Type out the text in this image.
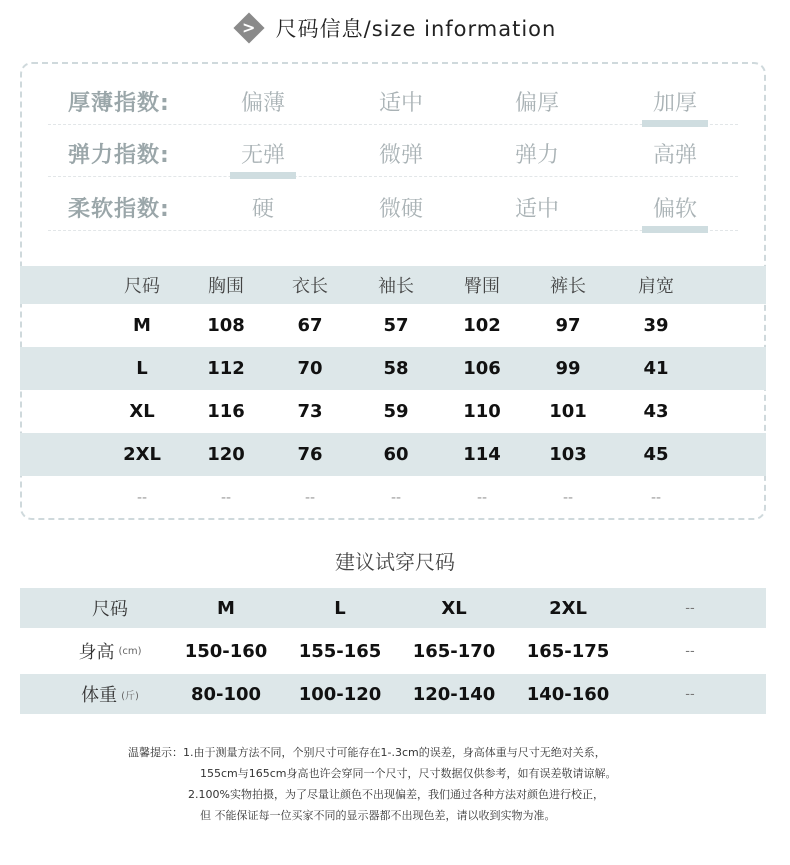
> 尺码信息/size information
厚薄指数:	偏薄	适中	偏厚	加厚
弹力指数:	无弹	微弹	弹力	高弹
柔软指数:	硬	微硬	适中	偏软
尺码	胸围	衣长	袖长	臀围	裤长	肩宽
M	108	67	57	102	97	39
L	112	70	58	106	99	41
XL	116	73	59	110	101	43
2XL	120	76	60	114	103	45
--	--	--	--	--	--	--
建议试穿尺码
尺码	M	L	XL	2XL	--
身高 (cm)	150-160	155-165	165-170	165-175	--
体重 (斤)	80-100	100-120	120-140	140-160	--
温馨提示：1.由于测量方法不同，个别尺寸可能存在1-.3cm的误差，身高体重与尺寸无绝对关系，
155cm与165cm身高也许会穿同一个尺寸，尺寸数据仅供参考，如有误差敬请谅解。
2.100%实物拍摄，为了尽量让颜色不出现偏差，我们通过各种方法对颜色进行校正，
但 不能保证每一位买家不同的显示器都不出现色差，请以收到实物为准。
